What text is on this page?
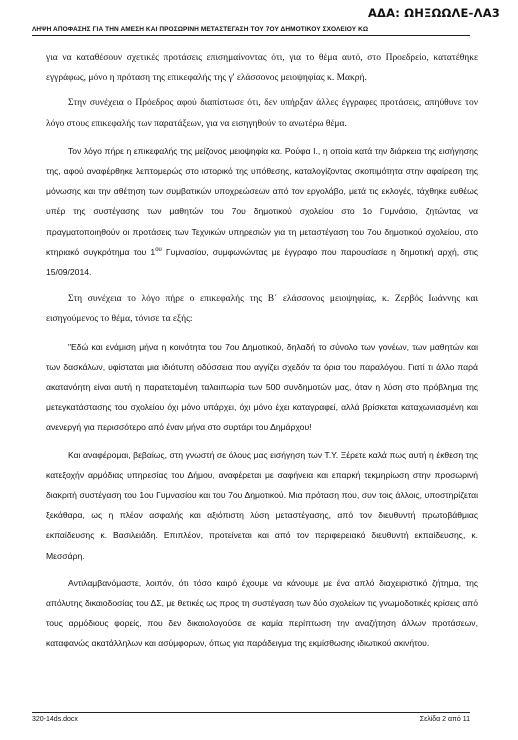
ΑΔΑ: ΩΗΞΩΩΛΕ-ΛΑ3
ΛΗΨΗ ΑΠΟΦΑΣΗΣ ΓΙΑ ΤΗΝ ΑΜΕΣΗ ΚΑΙ ΠΡΟΣΩΡΙΝΗ ΜΕΤΑΣΤΕΓΑΣΗ ΤΟΥ 7ΟΥ ΔΗΜΟΤΙΚΟΥ ΣΧΟΛΕΙΟΥ ΚΩ

για να καταθέσουν σχετικές προτάσεις επισημαίνοντας ότι, για το θέμα αυτό, στο Προεδρείο, κατατέθηκε εγγράφως, μόνο η πρόταση της επικεφαλής της γ' ελάσσονος μειοψηφίας κ. Μακρή.

Στην συνέχεια ο Πρόεδρος αφού διαπίστωσε ότι, δεν υπήρξαν άλλες έγγραφες προτάσεις, απηύθυνε τον λόγο στους επικεφαλής των παρατάξεων, για να εισηγηθούν το ανωτέρω θέμα.

Τον λόγο πήρε η επικεφαλής της μείζονος μειοψηφία κα. Ρούφα Ι., η οποία κατά την διάρκεια της εισήγησης της, αφού αναφέρθηκε λεπτομερώς στο ιστορικό της υπόθεσης, καταλογίζοντας σκοπιμότητα στην αφαίρεση της μόνωσης και την αθέτηση των συμβατικών υποχρεώσεων από τον εργολάβο, μετά τις εκλογές, τάχθηκε ευθέως υπέρ της συστέγασης των μαθητών του 7ου δημοτικού σχολείου στο 1ο Γυμνάσιο, ζητώντας να πραγματοποιηθούν οι προτάσεις των Τεχνικών υπηρεσιών για τη μεταστέγαση του 7ου δημοτικού σχολείου, στο κτηριακό συγκρότημα του $1^{o\upsilon}$ Γυμνασίου, συμφωνώντας με έγγραφο που παρουσίασε η δημοτική αρχή, στις 15/09/2014.

Στη συνέχεια το λόγο πήρε ο επικεφαλής της Β΄ ελάσσονος μειοψηφίας, κ. Ζερβός Ιωάννης και εισηγούμενος το θέμα, τόνισε τα εξής:

"Εδώ και ενάμιση μήνα η κοινότητα του 7ου Δημοτικού, δηλαδή το σύνολο των γονέων, των μαθητών και των δασκάλων, υφίσταται μια ιδιότυπη οδύσσεια που αγγίζει σχεδόν τα όρια του παραλόγου. Γιατί τι άλλο παρά ακατανόητη είναι αυτή η παρατεταμένη ταλαιπωρία των 500 συνδημοτών μας, όταν η λύση στο πρόβλημα της μετεγκατάστασης του σχολείου όχι μόνο υπάρχει, όχι μόνο έχει καταγραφεί, αλλά βρίσκεται καταχωνιασμένη και ανενεργή για περισσότερο από έναν μήνα στο συρτάρι του Δημάρχου!

Και αναφέρομαι, βεβαίως, στη γνωστή σε όλους μας εισήγηση των Τ.Υ. Ξέρετε καλά πως αυτή η έκθεση της κατεξοχήν αρμόδιας υπηρεσίας του Δήμου, αναφέρεται με σαφήνεια και επαρκή τεκμηρίωση στην προσωρινή διακριτή συστέγαση του 1ου Γυμνασίου και του 7ου Δημοτικού. Μια πρόταση που, συν τοις άλλοις, υποστηρίζεται ξεκάθαρα, ως η πλέον ασφαλής και αξιόπιστη λύση μεταστέγασης, από τον διευθυντή πρωτοβάθμιας εκπαίδευσης κ. Βασιλειάδη. Επιπλέον, προτείνεται και από τον περιφερειακό διευθυντή εκπαίδευσης, κ. Μεσσάρη.

Αντιλαμβανόμαστε, λοιπόν, ότι τόσο καιρό έχουμε να κάνουμε με ένα απλό διαχειριστικό ζήτημα, της απόλυτης δικαιοδοσίας του ΔΣ, με θετικές ως προς τη συστέγαση των δύο σχολείων τις γνωμοδοτικές κρίσεις από τους αρμόδιους φορείς, που δεν δικαιολογούσε σε καμία περίπτωση την αναζήτηση άλλων προτάσεων, καταφανώς ακατάλληλων και ασύμφορων, όπως για παράδειγμα της εκμίσθωσης ιδιωτικού ακινήτου.

320-14ds.docx	Σελίδα 2 από 11
